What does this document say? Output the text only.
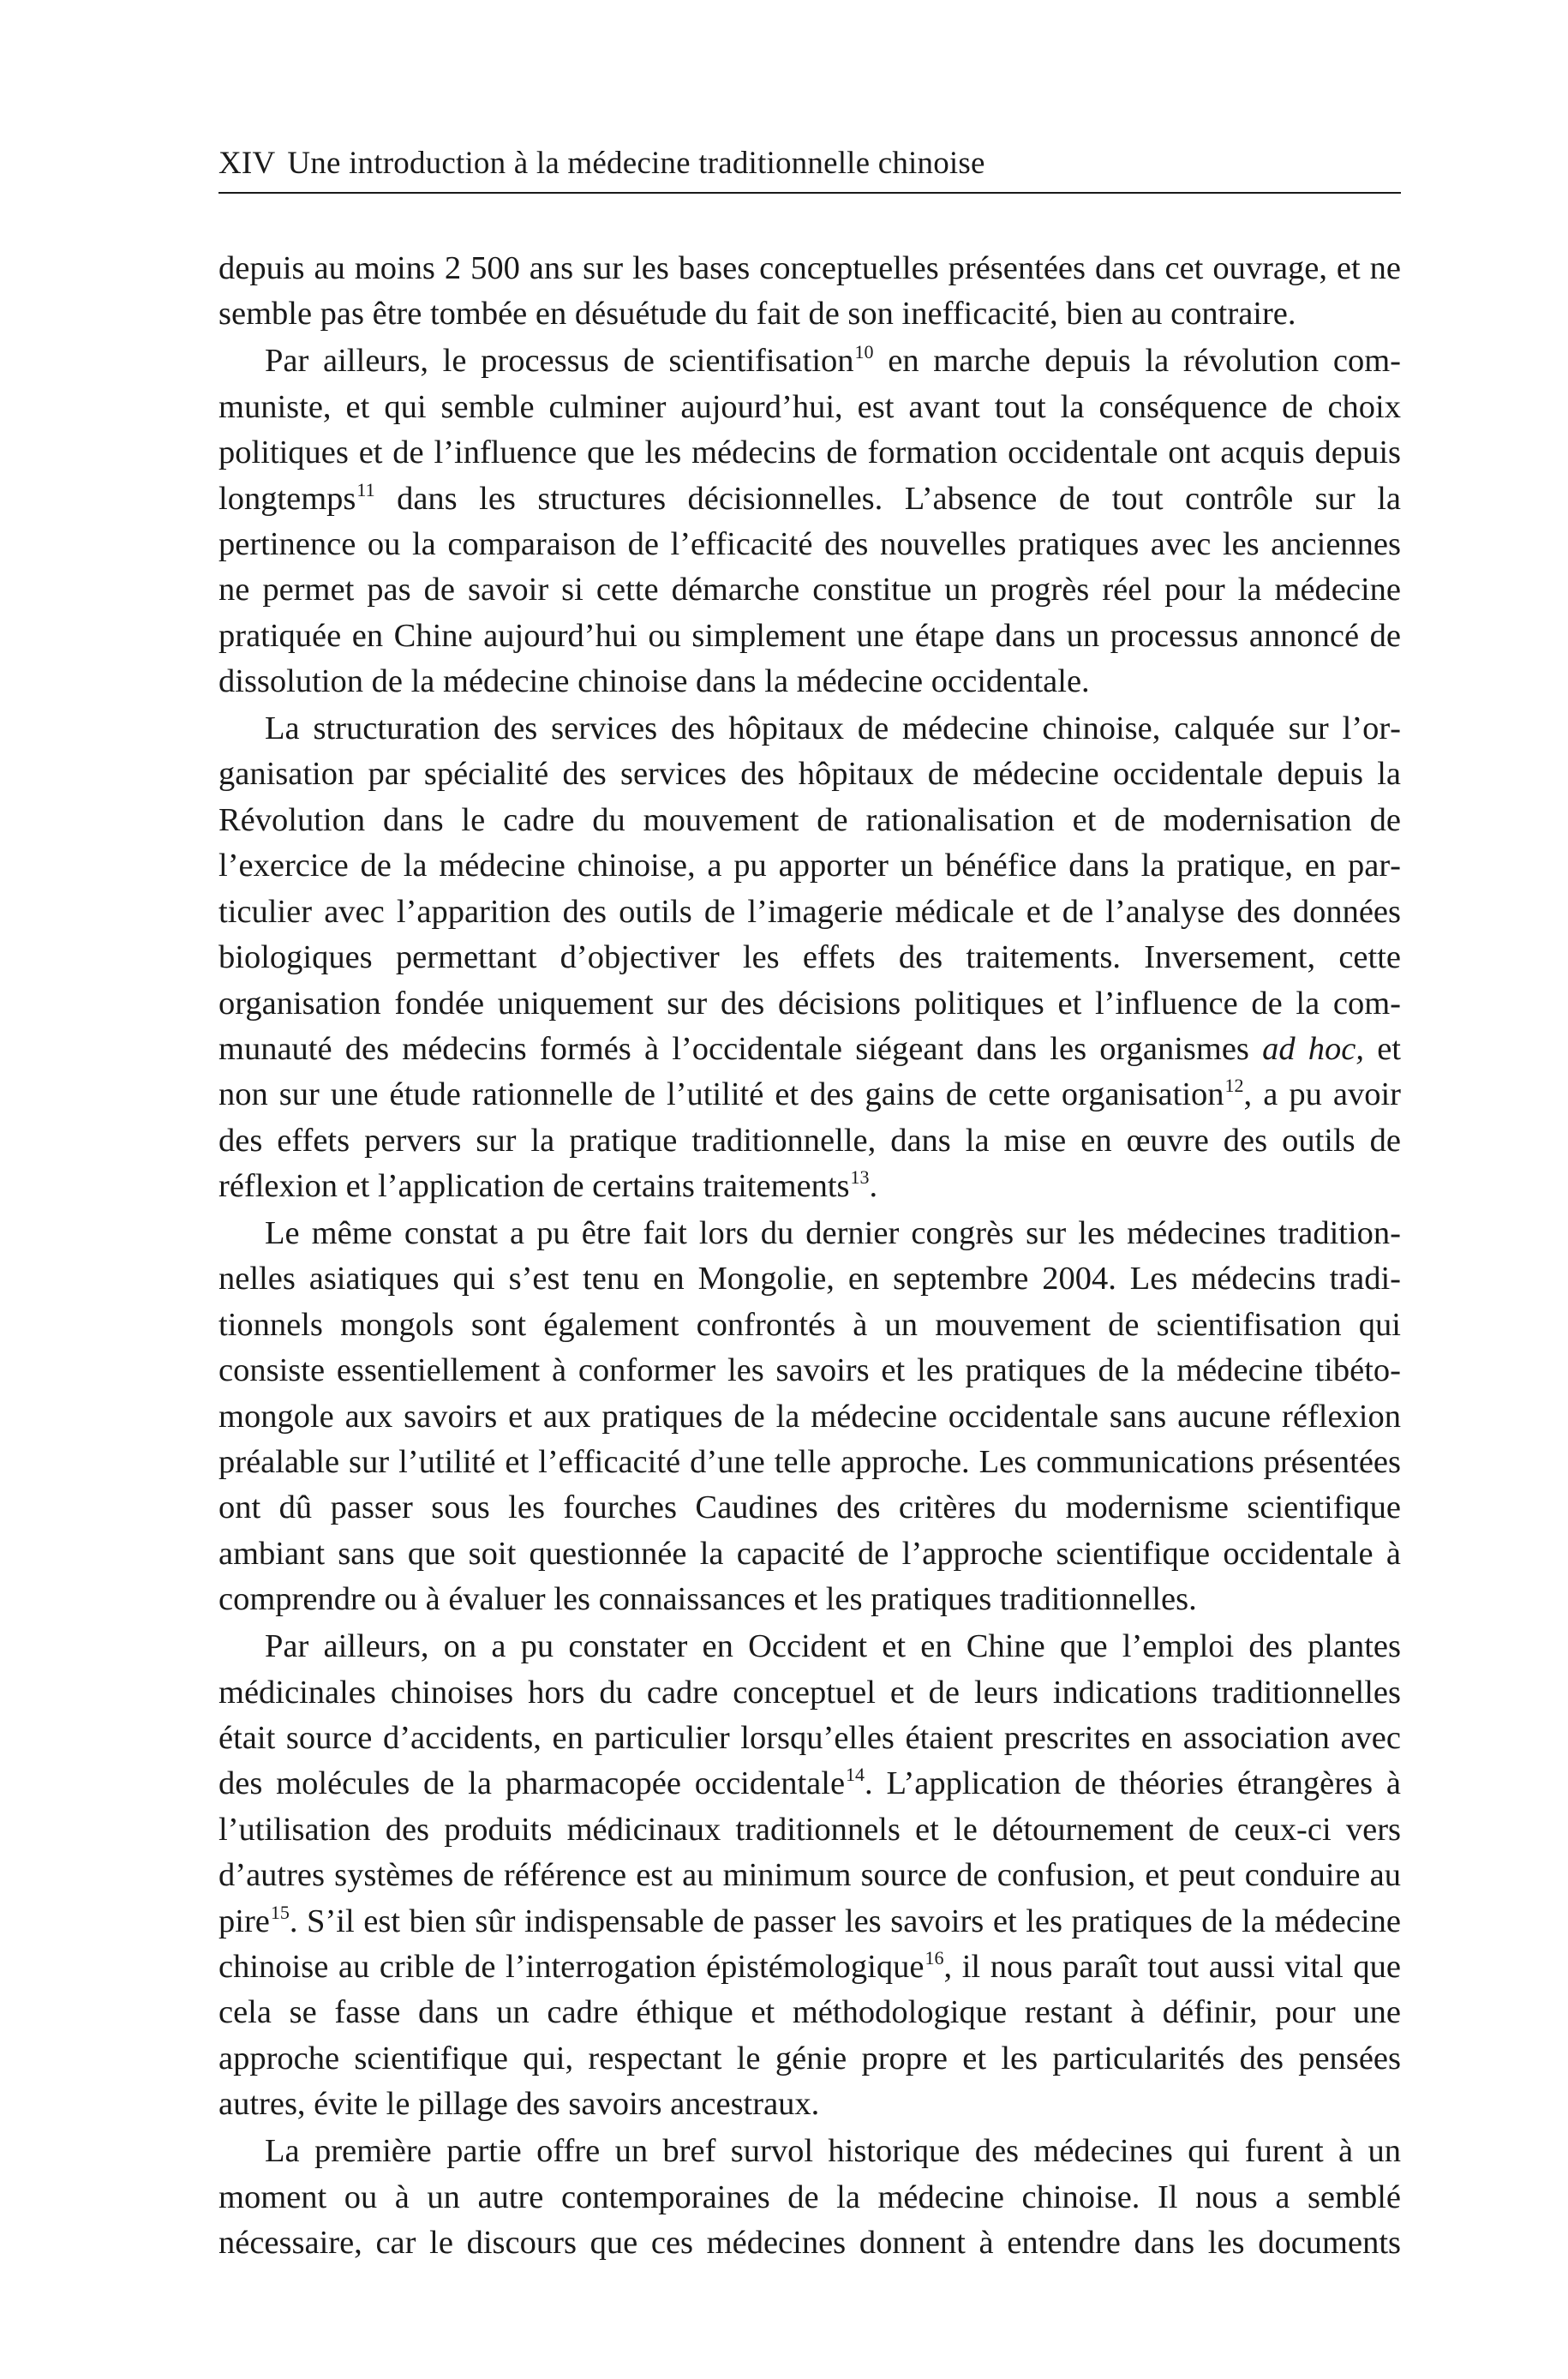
XIV Une introduction à la médecine traditionnelle chinoise

depuis au moins 2 500 ans sur les bases conceptuelles présentées dans cet ouvrage, et ne semble pas être tombée en désuétude du fait de son inefficacité, bien au contraire.

Par ailleurs, le processus de scientifisation$^{10}$ en marche depuis la révolution communiste, et qui semble culminer aujourd’hui, est avant tout la conséquence de choix politiques et de l’influence que les médecins de formation occidentale ont acquis depuis longtemps$^{11}$ dans les structures décisionnelles. L’absence de tout contrôle sur la pertinence ou la comparaison de l’efficacité des nouvelles pratiques avec les anciennes ne permet pas de savoir si cette démarche constitue un progrès réel pour la médecine pratiquée en Chine aujourd’hui ou simplement une étape dans un processus annoncé de dissolution de la médecine chinoise dans la médecine occidentale.

La structuration des services des hôpitaux de médecine chinoise, calquée sur l’organisation par spécialité des services des hôpitaux de médecine occidentale depuis la Révolution dans le cadre du mouvement de rationalisation et de modernisation de l’exercice de la médecine chinoise, a pu apporter un bénéfice dans la pratique, en particulier avec l’apparition des outils de l’imagerie médicale et de l’analyse des données biologiques permettant d’objectiver les effets des traitements. Inversement, cette organisation fondée uniquement sur des décisions politiques et l’influence de la communauté des médecins formés à l’occidentale siégeant dans les organismes ad hoc, et non sur une étude rationnelle de l’utilité et des gains de cette organisation$^{12}$, a pu avoir des effets pervers sur la pratique traditionnelle, dans la mise en œuvre des outils de réflexion et l’application de certains traitements$^{13}$.

Le même constat a pu être fait lors du dernier congrès sur les médecines traditionnelles asiatiques qui s’est tenu en Mongolie, en septembre 2004. Les médecins traditionnels mongols sont également confrontés à un mouvement de scientifisation qui consiste essentiellement à conformer les savoirs et les pratiques de la médecine tibéto-mongole aux savoirs et aux pratiques de la médecine occidentale sans aucune réflexion préalable sur l’utilité et l’efficacité d’une telle approche. Les communications présentées ont dû passer sous les fourches Caudines des critères du modernisme scientifique ambiant sans que soit questionnée la capacité de l’approche scientifique occidentale à comprendre ou à évaluer les connaissances et les pratiques traditionnelles.

Par ailleurs, on a pu constater en Occident et en Chine que l’emploi des plantes médicinales chinoises hors du cadre conceptuel et de leurs indications traditionnelles était source d’accidents, en particulier lorsqu’elles étaient prescrites en association avec des molécules de la pharmacopée occidentale$^{14}$. L’application de théories étrangères à l’utilisation des produits médicinaux traditionnels et le détournement de ceux-ci vers d’autres systèmes de référence est au minimum source de confusion, et peut conduire au pire$^{15}$. S’il est bien sûr indispensable de passer les savoirs et les pratiques de la médecine chinoise au crible de l’interrogation épistémologique$^{16}$, il nous paraît tout aussi vital que cela se fasse dans un cadre éthique et méthodologique restant à définir, pour une approche scientifique qui, respectant le génie propre et les particularités des pensées autres, évite le pillage des savoirs ancestraux.

La première partie offre un bref survol historique des médecines qui furent à un moment ou à un autre contemporaines de la médecine chinoise. Il nous a semblé nécessaire, car le discours que ces médecines donnent à entendre dans les documents
